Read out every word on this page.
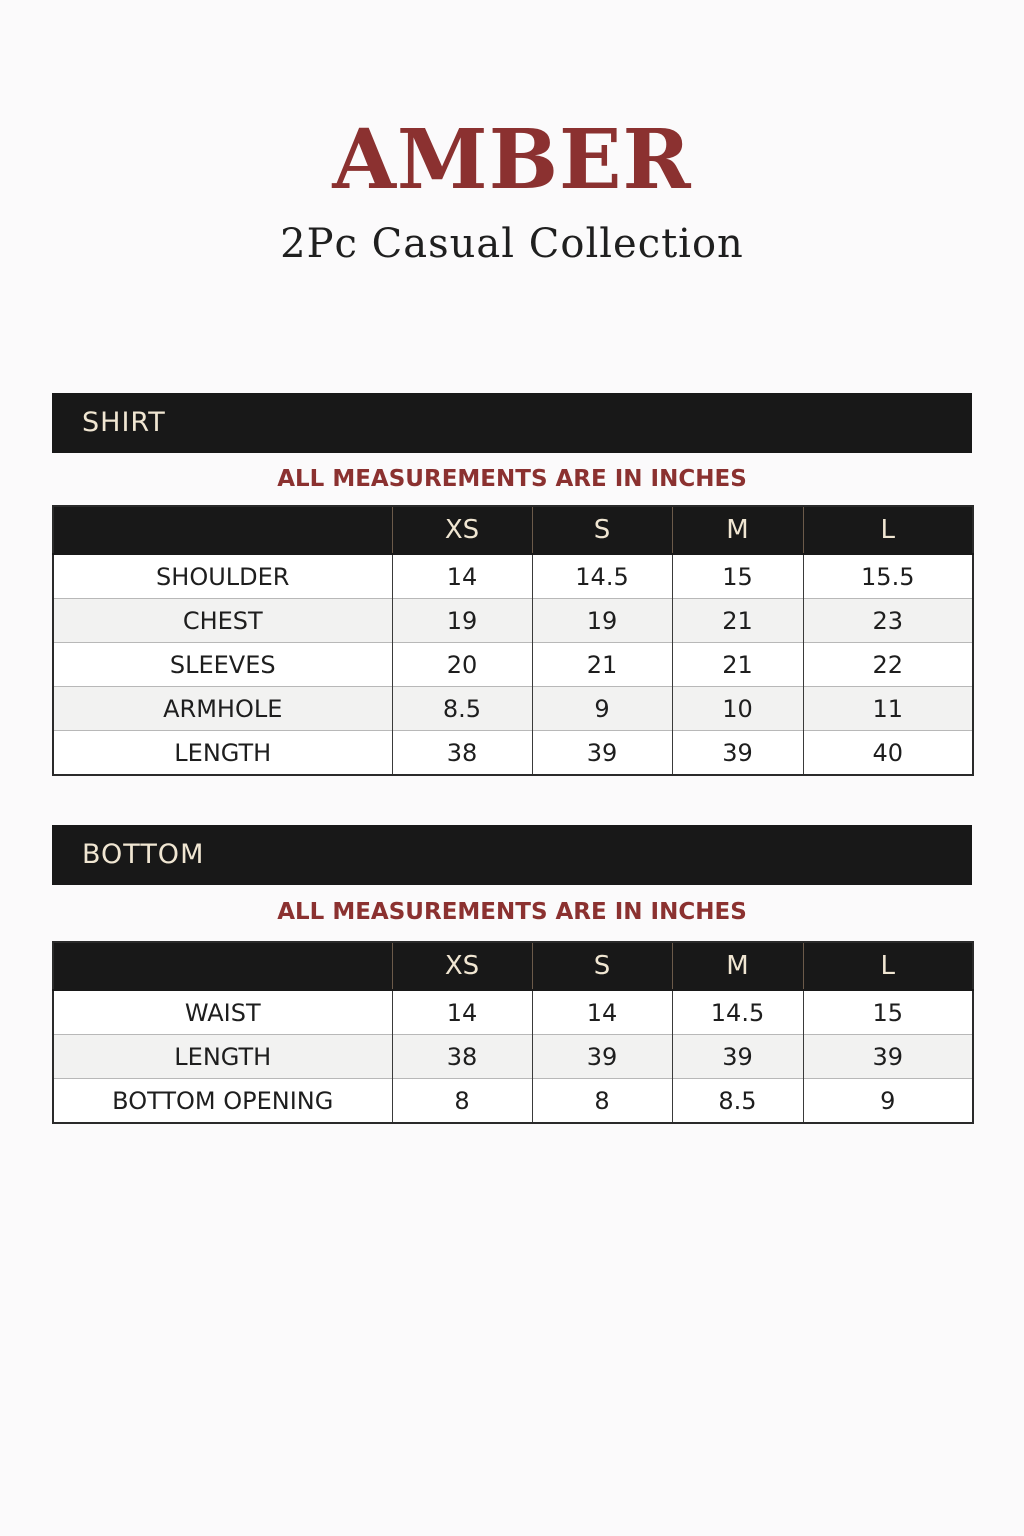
AMBER
2Pc Casual Collection
SHIRT
ALL MEASUREMENTS ARE IN INCHES
	XS	S	M	L
SHOULDER	14	14.5	15	15.5
CHEST	19	19	21	23
SLEEVES	20	21	21	22
ARMHOLE	8.5	9	10	11
LENGTH	38	39	39	40
BOTTOM
ALL MEASUREMENTS ARE IN INCHES
	XS	S	M	L
WAIST	14	14	14.5	15
LENGTH	38	39	39	39
BOTTOM OPENING	8	8	8.5	9
